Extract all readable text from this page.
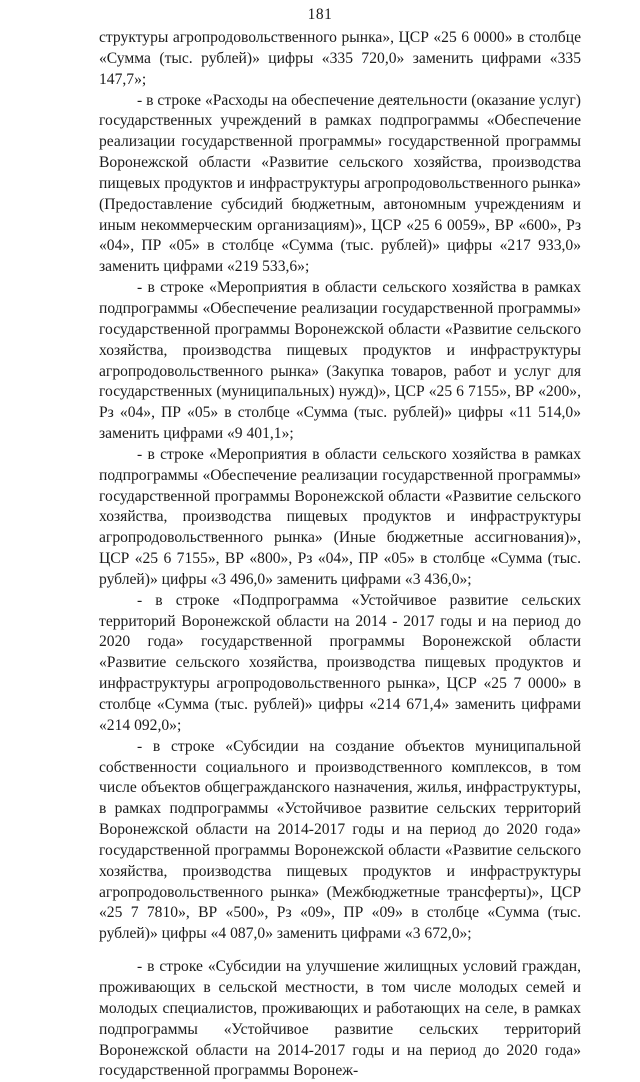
181

структуры агропродовольственного рынка», ЦСР «25 6 0000» в столбце «Сумма (тыс. рублей)» цифры «335 720,0» заменить цифрами «335 147,7»;

- в строке «Расходы на обеспечение деятельности (оказание услуг) государственных учреждений в рамках подпрограммы «Обеспечение реализации государственной программы» государственной программы Воронежской области «Развитие сельского хозяйства, производства пищевых продуктов и инфраструктуры агропродовольственного рынка» (Предоставление субсидий бюджетным, автономным учреждениям и иным некоммерческим организациям)», ЦСР «25 6 0059», ВР «600», Рз «04», ПР «05» в столбце «Сумма (тыс. рублей)» цифры «217 933,0» заменить цифрами «219 533,6»;

- в строке «Мероприятия в области сельского хозяйства в рамках подпрограммы «Обеспечение реализации государственной программы» государственной программы Воронежской области «Развитие сельского хозяйства, производства пищевых продуктов и инфраструктуры агропродовольственного рынка» (Закупка товаров, работ и услуг для государственных (муниципальных) нужд)», ЦСР «25 6 7155», ВР «200», Рз «04», ПР «05» в столбце «Сумма (тыс. рублей)» цифры «11 514,0» заменить цифрами «9 401,1»;

- в строке «Мероприятия в области сельского хозяйства в рамках подпрограммы «Обеспечение реализации государственной программы» государственной программы Воронежской области «Развитие сельского хозяйства, производства пищевых продуктов и инфраструктуры агропродовольственного рынка» (Иные бюджетные ассигнования)», ЦСР «25 6 7155», ВР «800», Рз «04», ПР «05» в столбце «Сумма (тыс. рублей)» цифры «3 496,0» заменить цифрами «3 436,0»;

- в строке «Подпрограмма «Устойчивое развитие сельских территорий Воронежской области на 2014 - 2017 годы и на период до 2020 года» государственной программы Воронежской области «Развитие сельского хозяйства, производства пищевых продуктов и инфраструктуры агропродовольственного рынка», ЦСР «25 7 0000» в столбце «Сумма (тыс. рублей)» цифры «214 671,4» заменить цифрами «214 092,0»;

- в строке «Субсидии на создание объектов муниципальной собственности социального и производственного комплексов, в том числе объектов общегражданского назначения, жилья, инфраструктуры, в рамках подпрограммы «Устойчивое развитие сельских территорий Воронежской области на 2014-2017 годы и на период до 2020 года» государственной программы Воронежской области «Развитие сельского хозяйства, производства пищевых продуктов и инфраструктуры агропродовольственного рынка» (Межбюджетные трансферты)», ЦСР «25 7 7810», ВР «500», Рз «09», ПР «09» в столбце «Сумма (тыс. рублей)» цифры «4 087,0» заменить цифрами «3 672,0»;

- в строке «Субсидии на улучшение жилищных условий граждан, проживающих в сельской местности, в том числе молодых семей и молодых специалистов, проживающих и работающих на селе, в рамках подпрограммы «Устойчивое развитие сельских территорий Воронежской области на 2014-2017 годы и на период до 2020 года» государственной программы Воронеж-
